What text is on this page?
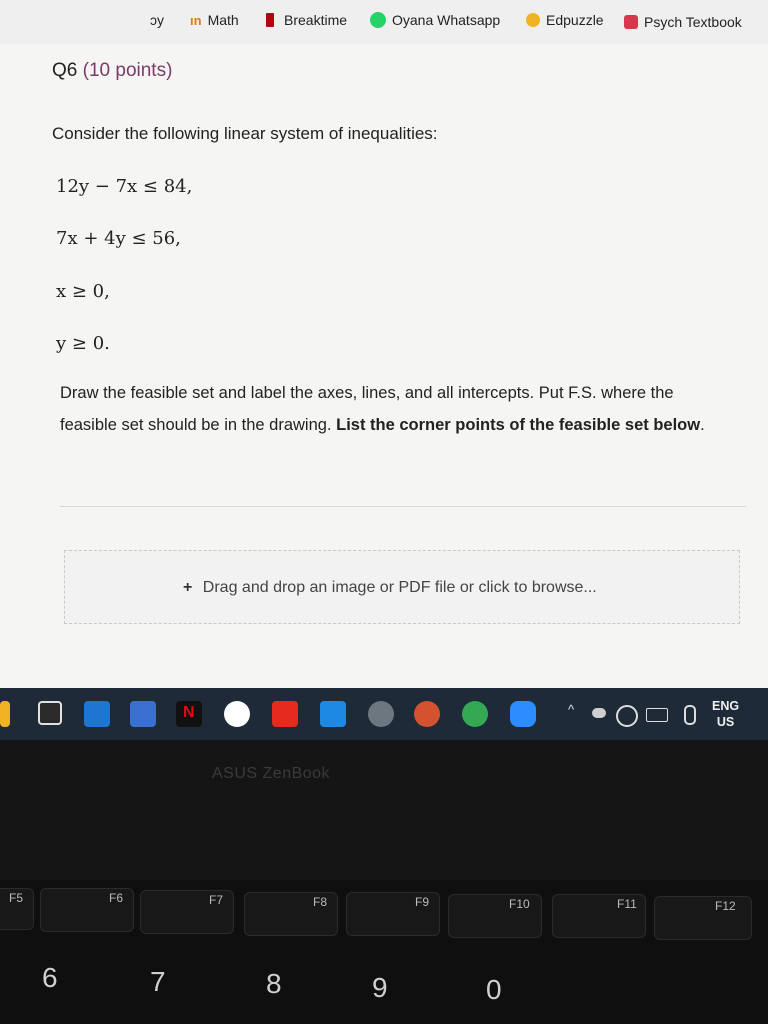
ɔy ın Math	Breaktime	Oyana Whatsapp	Edpuzzle	Psych Textbook
Q6 (10 points)
Consider the following linear system of inequalities:
12y − 7x ≤ 84,
7x + 4y ≤ 56,
x ≥ 0,
y ≥ 0.
Draw the feasible set and label the axes, lines, and all intercepts. Put F.S. where the feasible set should be in the drawing. List the corner points of the feasible set below.
+ Drag and drop an image or PDF file or click to browse...
N	^	ENG
US
ASUS ZenBook
F5	F6	F7	F8	F9	F10	F11	F12
6	7	8	9	0
